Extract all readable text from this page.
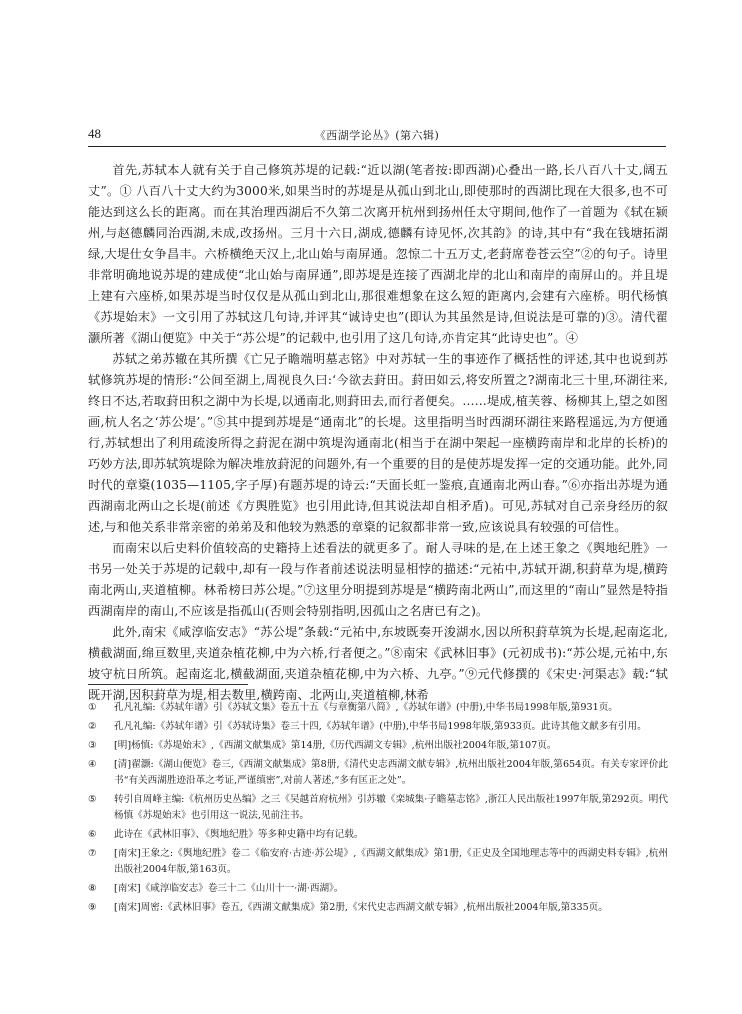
48	《西湖学论丛》(第六辑)

首先,苏轼本人就有关于自己修筑苏堤的记载:“近以湖(笔者按:即西湖)心叠出一路,长八百八十丈,阔五丈”。① 八百八十丈大约为3000米,如果当时的苏堤是从孤山到北山,即使那时的西湖比现在大很多,也不可能达到这么长的距离。而在其治理西湖后不久第二次离开杭州到扬州任太守期间,他作了一首题为《轼在颍州,与赵德麟同治西湖,未成,改扬州。三月十六日,湖成,德麟有诗见怀,次其韵》的诗,其中有“我在钱塘拓湖绿,大堤仕女争昌丰。六桥横绝天汉上,北山始与南屏通。忽惊二十五万丈,老葑席卷苍云空”②的句子。诗里非常明确地说苏堤的建成使“北山始与南屏通”,即苏堤是连接了西湖北岸的北山和南岸的南屏山的。并且堤上建有六座桥,如果苏堤当时仅仅是从孤山到北山,那很难想象在这么短的距离内,会建有六座桥。明代杨慎《苏堤始末》一文引用了苏轼这几句诗,并评其“诚诗史也”(即认为其虽然是诗,但说法是可靠的)③。清代翟灏所著《湖山便览》中关于“苏公堤”的记载中,也引用了这几句诗,亦肯定其“此诗史也”。④

苏轼之弟苏辙在其所撰《亡兄子瞻端明墓志铭》中对苏轼一生的事迹作了概括性的评述,其中也说到苏轼修筑苏堤的情形:“公间至湖上,周视良久曰:‘今欲去葑田。葑田如云,将安所置之?湖南北三十里,环湖往来,终日不达,若取葑田积之湖中为长堤,以通南北,则葑田去,而行者便矣。……堤成,植芙蓉、杨柳其上,望之如图画,杭人名之‘苏公堤’。”⑤其中提到苏堤是“通南北”的长堤。这里指明当时西湖环湖往来路程遥远,为方便通行,苏轼想出了利用疏浚所得之葑泥在湖中筑堤沟通南北(相当于在湖中架起一座横跨南岸和北岸的长桥)的巧妙方法,即苏轼筑堤除为解决堆放葑泥的问题外,有一个重要的目的是使苏堤发挥一定的交通功能。此外,同时代的章楶(1035—1105,字子厚)有题苏堤的诗云:“天面长虹一鉴痕,直通南北两山春。”⑥亦指出苏堤为通西湖南北两山之长堤(前述《方舆胜览》也引用此诗,但其说法却自相矛盾)。可见,苏轼对自己亲身经历的叙述,与和他关系非常亲密的弟弟及和他较为熟悉的章楶的记叙都非常一致,应该说具有较强的可信性。

而南宋以后史料价值较高的史籍持上述看法的就更多了。耐人寻味的是,在上述王象之《舆地纪胜》一书另一处关于苏堤的记载中,却有一段与作者前述说法明显相悖的描述:“元祐中,苏轼开湖,积葑草为堤,横跨南北两山,夹道植柳。林希榜曰苏公堤。”⑦这里分明提到苏堤是“横跨南北两山”,而这里的“南山”显然是特指西湖南岸的南山,不应该是指孤山(否则会特别指明,因孤山之名唐已有之)。

此外,南宋《咸淳临安志》“苏公堤”条载:“元祐中,东坡既奏开浚湖水,因以所积葑草筑为长堤,起南迄北,横截湖面,绵亘数里,夹道杂植花柳,中为六桥,行者便之。”⑧南宋《武林旧事》(元初成书):“苏公堤,元祐中,东坡守杭日所筑。起南迄北,横截湖面,夹道杂植花柳,中为六桥、九亭。”⑨元代修撰的《宋史·河渠志》载:“轼既开湖,因积葑草为堤,相去数里,横跨南、北两山,夹道植柳,林希

①	孔凡礼编:《苏轼年谱》引《苏轼文集》卷五十五《与章衡第八简》,《苏轼年谱》(中册),中华书局1998年版,第931页。

②	孔凡礼编:《苏轼年谱》引《苏轼诗集》卷三十四,《苏轼年谱》(中册),中华书局1998年版,第933页。此诗其他文献多有引用。

③	[明]杨慎:《苏堤始末》,《西湖文献集成》第14册,《历代西湖文专辑》,杭州出版社2004年版,第107页。

④	[清]翟灏:《湖山便览》卷三,《西湖文献集成》第8册,《清代史志西湖文献专辑》,杭州出版社2004年版,第654页。有关专家评价此书“有关西湖胜迹沿革之考证,严谨缜密”,对前人著述,“多有匡正之处”。

⑤	转引自周峰主编:《杭州历史丛编》之三《吴越首府杭州》引苏辙《栾城集·子瞻墓志铭》,浙江人民出版社1997年版,第292页。明代杨慎《苏堤始末》也引用这一说法,见前注书。

⑥	此诗在《武林旧事》、《舆地纪胜》等多种史籍中均有记载。

⑦	[南宋]王象之:《舆地纪胜》卷二《临安府·古迹·苏公堤》,《西湖文献集成》第1册,《正史及全国地理志等中的西湖史料专辑》,杭州出版社2004年版,第163页。

⑧	[南宋]《咸淳临安志》卷三十二《山川十一·湖·西湖》。

⑨	[南宋]周密:《武林旧事》卷五,《西湖文献集成》第2册,《宋代史志西湖文献专辑》,杭州出版社2004年版,第335页。
